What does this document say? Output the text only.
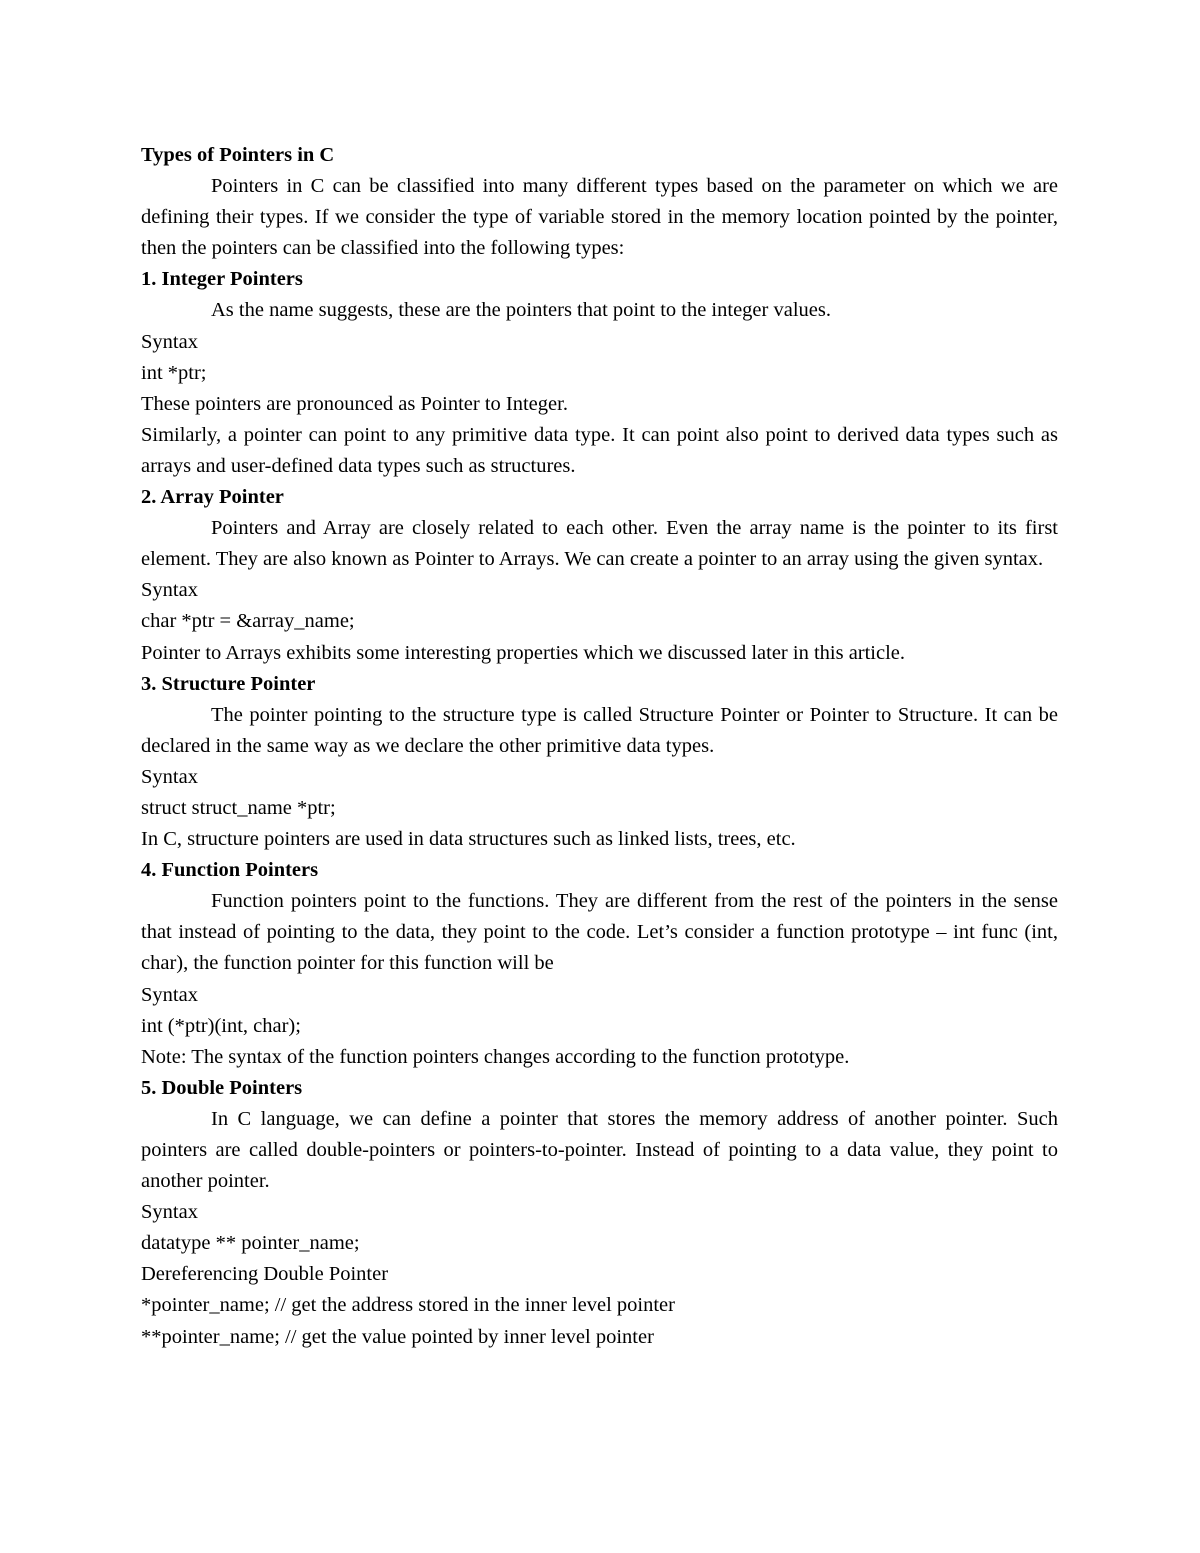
Types of Pointers in C

Pointers in C can be classified into many different types based on the parameter on which we are defining their types. If we consider the type of variable stored in the memory location pointed by the pointer, then the pointers can be classified into the following types:

1. Integer Pointers

As the name suggests, these are the pointers that point to the integer values.

Syntax

int *ptr;

These pointers are pronounced as Pointer to Integer.

Similarly, a pointer can point to any primitive data type. It can point also point to derived data types such as arrays and user-defined data types such as structures.

2. Array Pointer

Pointers and Array are closely related to each other. Even the array name is the pointer to its first element. They are also known as Pointer to Arrays. We can create a pointer to an array using the given syntax.

Syntax

char *ptr = &array_name;

Pointer to Arrays exhibits some interesting properties which we discussed later in this article.

3. Structure Pointer

The pointer pointing to the structure type is called Structure Pointer or Pointer to Structure. It can be declared in the same way as we declare the other primitive data types.

Syntax

struct struct_name *ptr;

In C, structure pointers are used in data structures such as linked lists, trees, etc.

4. Function Pointers

Function pointers point to the functions. They are different from the rest of the pointers in the sense that instead of pointing to the data, they point to the code. Let’s consider a function prototype – int func (int, char), the function pointer for this function will be

Syntax

int (*ptr)(int, char);

Note: The syntax of the function pointers changes according to the function prototype.

5. Double Pointers

In C language, we can define a pointer that stores the memory address of another pointer. Such pointers are called double-pointers or pointers-to-pointer. Instead of pointing to a data value, they point to another pointer.

Syntax

datatype ** pointer_name;

Dereferencing Double Pointer

*pointer_name; // get the address stored in the inner level pointer

**pointer_name; // get the value pointed by inner level pointer
